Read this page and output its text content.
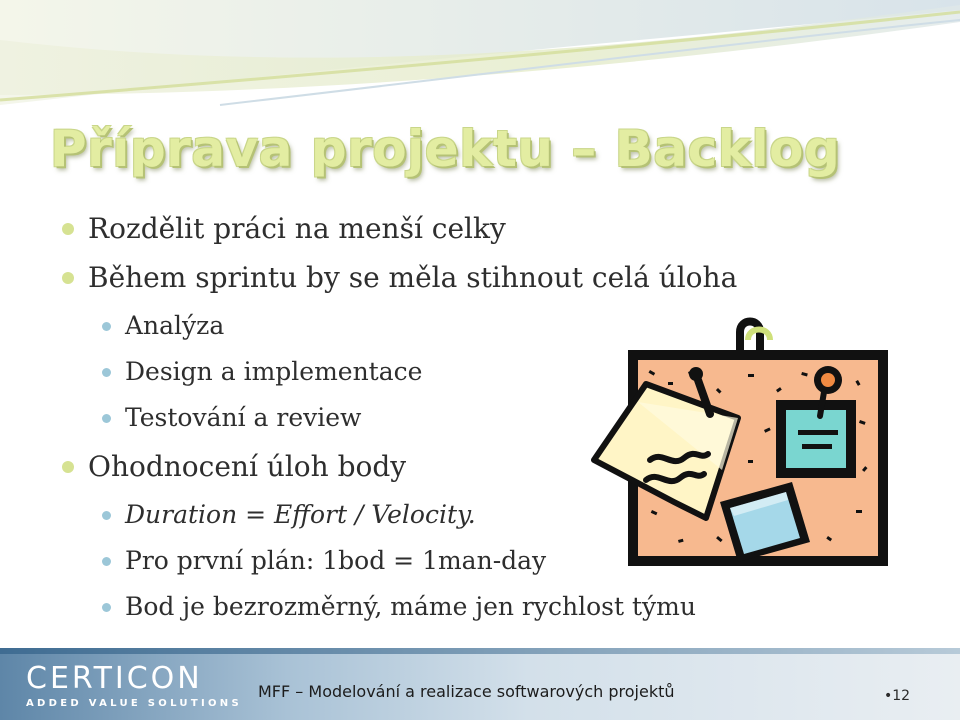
Příprava projektu – Backlog
Rozdělit práci na menší celky
Během sprintu by se měla stihnout celá úloha
Analýza
Design a implementace
Testování a review
Ohodnocení úloh body
Duration = Effort / Velocity.
Pro první plán: 1bod = 1man-day
Bod je bezrozměrný, máme jen rychlost týmu
CERTICON
ADDED VALUE SOLUTIONS
MFF – Modelování a realizace softwarových projektů	•12
